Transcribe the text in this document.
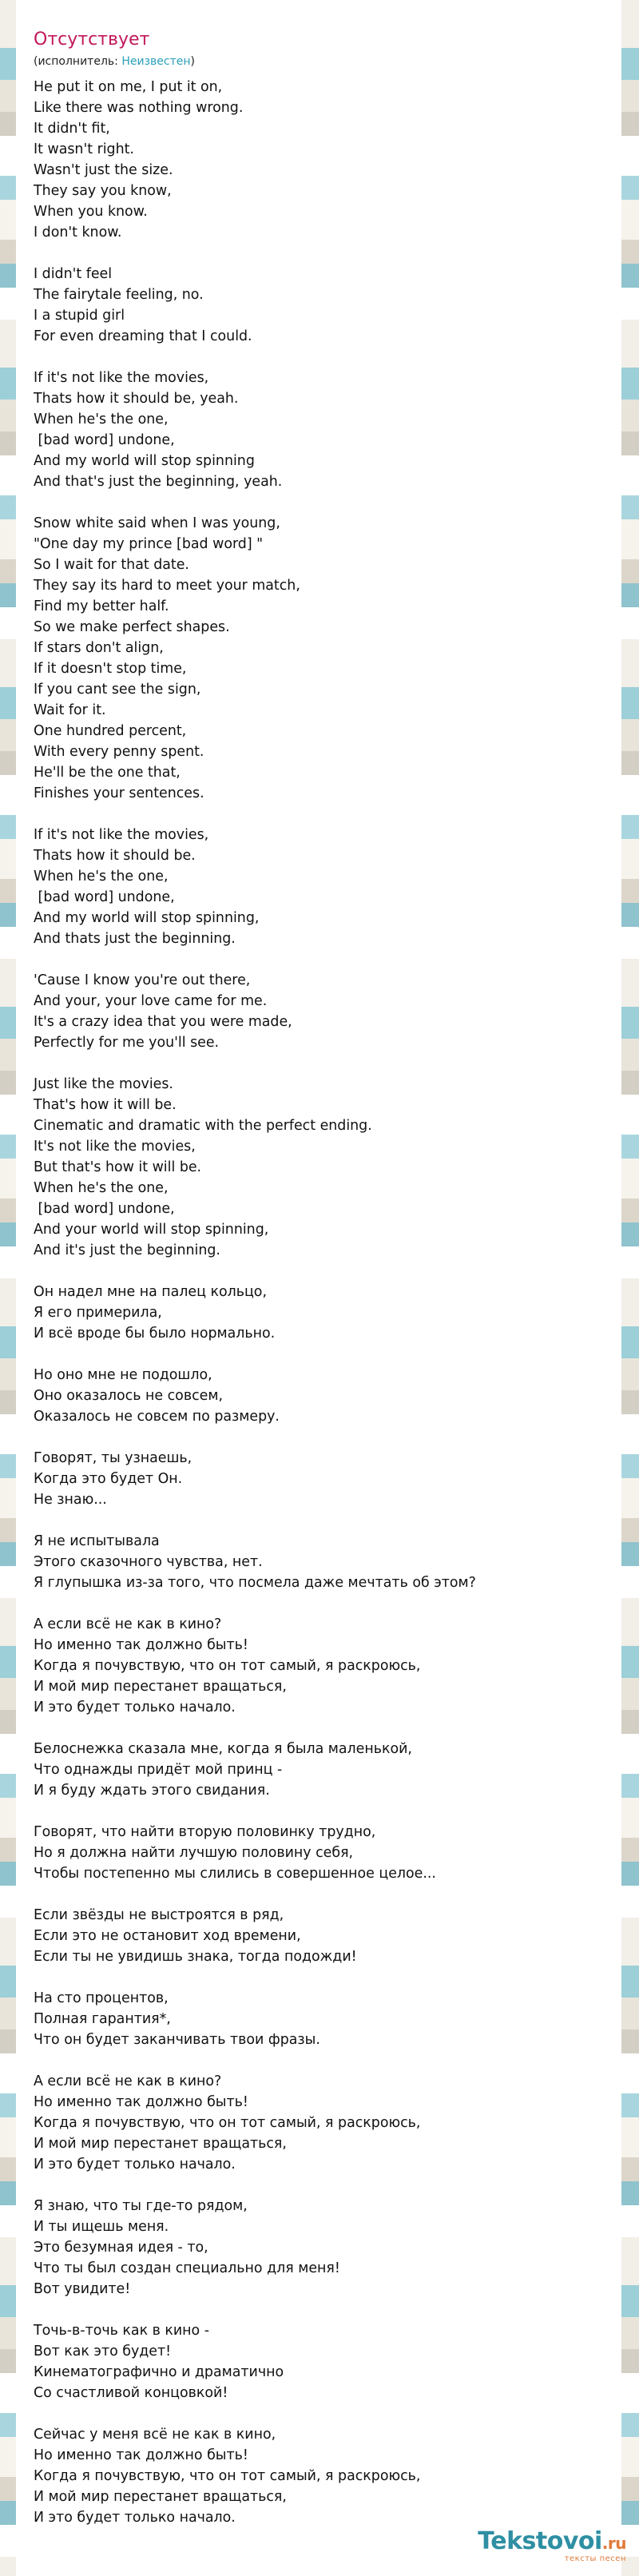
Отсутствует
(исполнитель: Неизвестен)
He put it on me, I put it on,
Like there was nothing wrong.
It didn't fit,
It wasn't right.
Wasn't just the size.
They say you know,
When you know.
I don't know.
I didn't feel
The fairytale feeling, no.
I a stupid girl
For even dreaming that I could.
If it's not like the movies,
Thats how it should be, yeah.
When he's the one,
[bad word] undone,
And my world will stop spinning
And that's just the beginning, yeah.
Snow white said when I was young,
"One day my prince [bad word] "
So I wait for that date.
They say its hard to meet your match,
Find my better half.
So we make perfect shapes.
If stars don't align,
If it doesn't stop time,
If you cant see the sign,
Wait for it.
One hundred percent,
With every penny spent.
He'll be the one that,
Finishes your sentences.
If it's not like the movies,
Thats how it should be.
When he's the one,
[bad word] undone,
And my world will stop spinning,
And thats just the beginning.
'Cause I know you're out there,
And your, your love came for me.
It's a crazy idea that you were made,
Perfectly for me you'll see.
Just like the movies.
That's how it will be.
Cinematic and dramatic with the perfect ending.
It's not like the movies,
But that's how it will be.
When he's the one,
[bad word] undone,
And your world will stop spinning,
And it's just the beginning.
Он надел мне на палец кольцо,
Я его примерила,
И всё вроде бы было нормально.
Но оно мне не подошло,
Оно оказалось не совсем,
Оказалось не совсем по размеру.
Говорят, ты узнаешь,
Когда это будет Он.
Не знаю...
Я не испытывала
Этого сказочного чувства, нет.
Я глупышка из-за того, что посмела даже мечтать об этом?
А если всё не как в кино?
Но именно так должно быть!
Когда я почувствую, что он тот самый, я раскроюсь,
И мой мир перестанет вращаться,
И это будет только начало.
Белоснежка сказала мне, когда я была маленькой,
Что однажды придёт мой принц -
И я буду ждать этого свидания.
Говорят, что найти вторую половинку трудно,
Но я должна найти лучшую половину себя,
Чтобы постепенно мы слились в совершенное целое...
Если звёзды не выстроятся в ряд,
Если это не остановит ход времени,
Если ты не увидишь знака, тогда подожди!
На сто процентов,
Полная гарантия*,
Что он будет заканчивать твои фразы.
А если всё не как в кино?
Но именно так должно быть!
Когда я почувствую, что он тот самый, я раскроюсь,
И мой мир перестанет вращаться,
И это будет только начало.
Я знаю, что ты где-то рядом,
И ты ищешь меня.
Это безумная идея - то,
Что ты был создан специально для меня!
Вот увидите!
Точь-в-точь как в кино -
Вот как это будет!
Кинематографично и драматично
Со счастливой концовкой!
Сейчас у меня всё не как в кино,
Но именно так должно быть!
Когда я почувствую, что он тот самый, я раскроюсь,
И мой мир перестанет вращаться,
И это будет только начало.
Tekstovoi.ru
тексты песен
